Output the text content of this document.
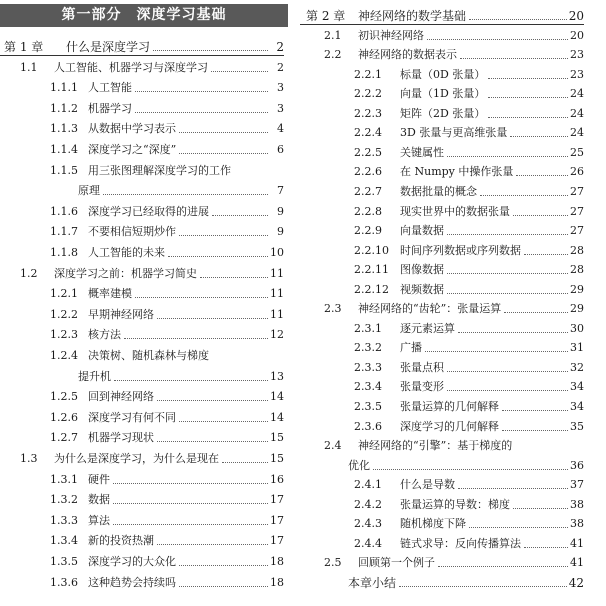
第一部分　深度学习基础
第 1 章	什么是深度学习	2
1.1	人工智能、机器学习与深度学习	2
1.1.1 人工智能	3
1.1.2 机器学习	3
1.1.3 从数据中学习表示	4
1.1.4 深度学习之“深度”	6
1.1.5 用三张图理解深度学习的工作
原理	7
1.1.6 深度学习已经取得的进展	9
1.1.7 不要相信短期炒作	9
1.1.8 人工智能的未来	10
1.2	深度学习之前：机器学习简史	11
1.2.1 概率建模	11
1.2.2 早期神经网络	11
1.2.3 核方法	12
1.2.4 决策树、随机森林与梯度
提升机	13
1.2.5 回到神经网络	14
1.2.6 深度学习有何不同	14
1.2.7 机器学习现状	15
1.3	为什么是深度学习，为什么是现在	15
1.3.1 硬件	16
1.3.2 数据	17
1.3.3 算法	17
1.3.4 新的投资热潮	17
1.3.5 深度学习的大众化	18
1.3.6 这种趋势会持续吗	18
第 2 章 神经网络的数学基础	20
2.1	初识神经网络	20
2.2	神经网络的数据表示	23
2.2.1	标量（0D 张量）	23
2.2.2	向量（1D 张量）	24
2.2.3	矩阵（2D 张量）	24
2.2.4	3D 张量与更高维张量	24
2.2.5	关键属性	25
2.2.6	在 Numpy 中操作张量	26
2.2.7	数据批量的概念	27
2.2.8	现实世界中的数据张量	27
2.2.9	向量数据	27
2.2.10 时间序列数据或序列数据	28
2.2.11 图像数据	28
2.2.12 视频数据	29
2.3	神经网络的“齿轮”：张量运算	29
2.3.1	逐元素运算	30
2.3.2	广播	31
2.3.3	张量点积	32
2.3.4	张量变形	34
2.3.5	张量运算的几何解释	34
2.3.6	深度学习的几何解释	35
2.4	神经网络的“引擎”：基于梯度的
优化	36
2.4.1	什么是导数	37
2.4.2	张量运算的导数：梯度	38
2.4.3	随机梯度下降	38
2.4.4	链式求导：反向传播算法	41
2.5	回顾第一个例子	41
本章小结	42
